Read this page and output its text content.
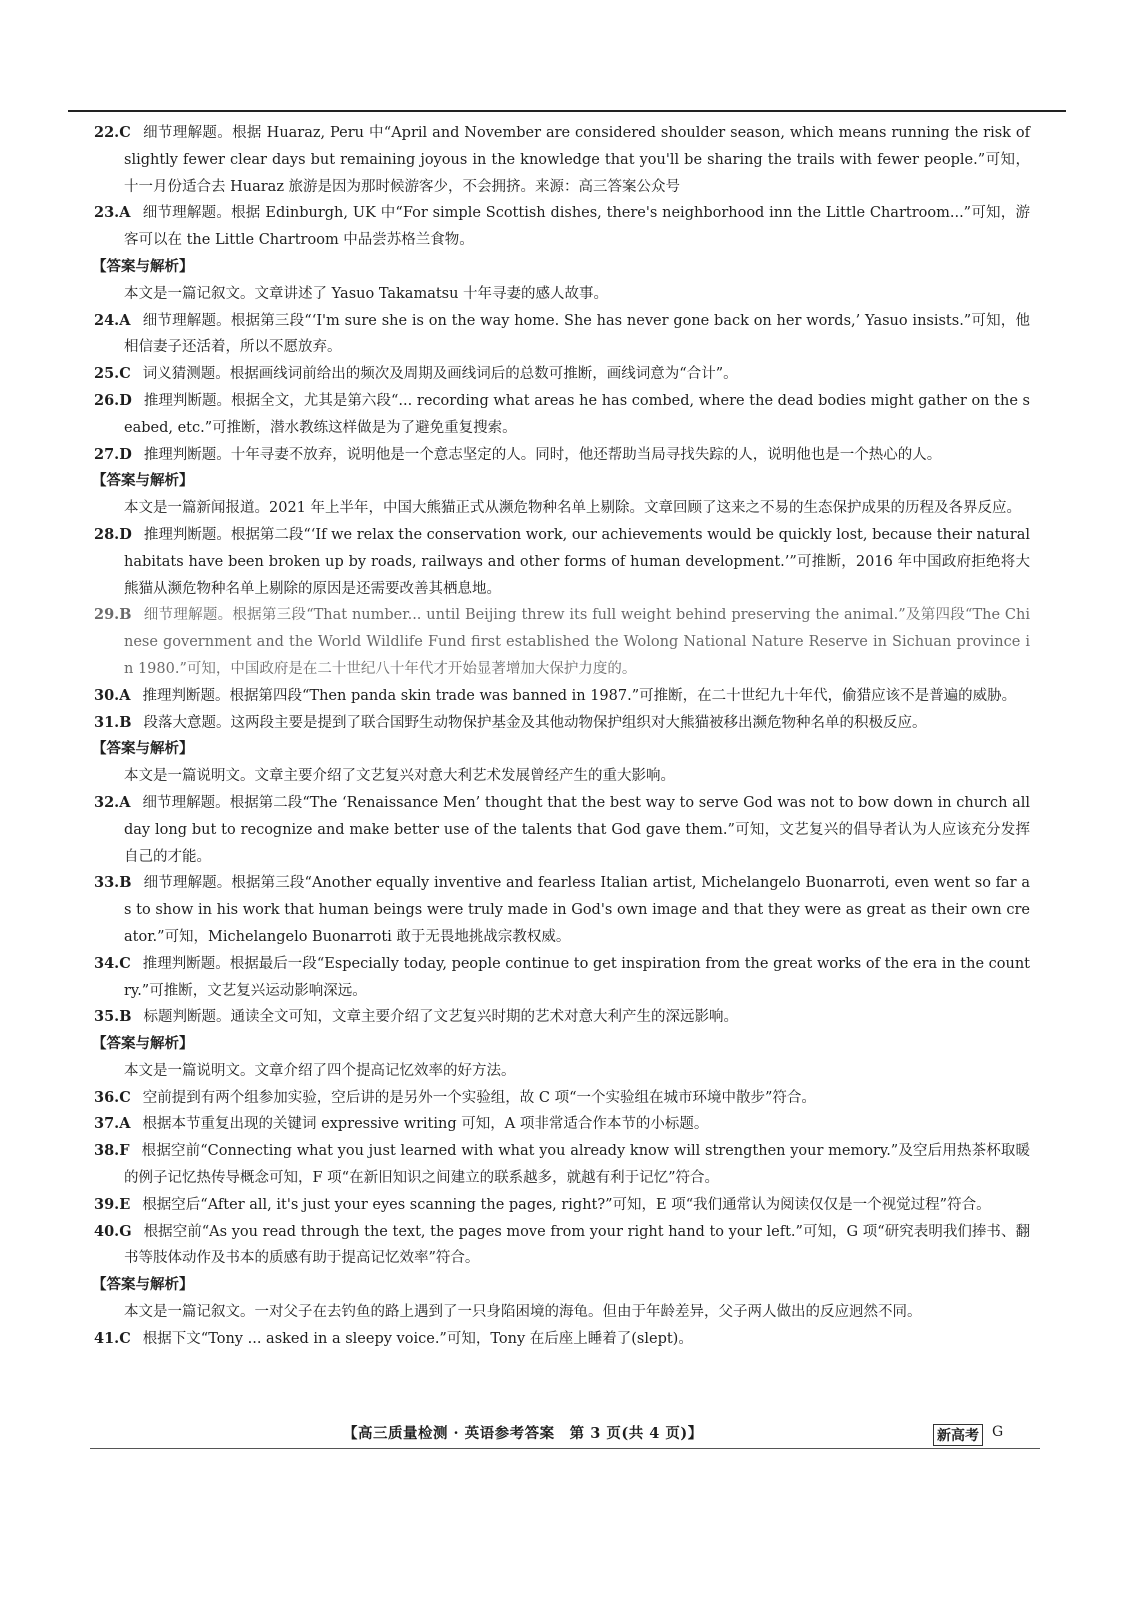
22.C 细节理解题。根据 Huaraz, Peru 中“April and November are considered shoulder season, which means running the risk of slightly fewer clear days but remaining joyous in the knowledge that you'll be sharing the trails with fewer people.”可知，十一月份适合去 Huaraz 旅游是因为那时候游客少，不会拥挤。来源：高三答案公众号

23.A 细节理解题。根据 Edinburgh, UK 中“For simple Scottish dishes, there's neighborhood inn the Little Chartroom...”可知，游客可以在 the Little Chartroom 中品尝苏格兰食物。

【答案与解析】

本文是一篇记叙文。文章讲述了 Yasuo Takamatsu 十年寻妻的感人故事。

24.A 细节理解题。根据第三段“‘I'm sure she is on the way home. She has never gone back on her words,’ Yasuo insists.”可知，他相信妻子还活着，所以不愿放弃。

25.C 词义猜测题。根据画线词前给出的频次及周期及画线词后的总数可推断，画线词意为“合计”。

26.D 推理判断题。根据全文，尤其是第六段“... recording what areas he has combed, where the dead bodies might gather on the seabed, etc.”可推断，潜水教练这样做是为了避免重复搜索。

27.D 推理判断题。十年寻妻不放弃，说明他是一个意志坚定的人。同时，他还帮助当局寻找失踪的人，说明他也是一个热心的人。

【答案与解析】

本文是一篇新闻报道。2021 年上半年，中国大熊猫正式从濒危物种名单上剔除。文章回顾了这来之不易的生态保护成果的历程及各界反应。

28.D 推理判断题。根据第二段“‘If we relax the conservation work, our achievements would be quickly lost, because their natural habitats have been broken up by roads, railways and other forms of human development.’”可推断，2016 年中国政府拒绝将大熊猫从濒危物种名单上剔除的原因是还需要改善其栖息地。

29.B 细节理解题。根据第三段“That number... until Beijing threw its full weight behind preserving the animal.”及第四段“The Chinese government and the World Wildlife Fund first established the Wolong National Nature Reserve in Sichuan province in 1980.”可知，中国政府是在二十世纪八十年代才开始显著增加大保护力度的。

30.A 推理判断题。根据第四段“Then panda skin trade was banned in 1987.”可推断，在二十世纪九十年代，偷猎应该不是普遍的威胁。

31.B 段落大意题。这两段主要是提到了联合国野生动物保护基金及其他动物保护组织对大熊猫被移出濒危物种名单的积极反应。

【答案与解析】

本文是一篇说明文。文章主要介绍了文艺复兴对意大利艺术发展曾经产生的重大影响。

32.A 细节理解题。根据第二段“The ‘Renaissance Men’ thought that the best way to serve God was not to bow down in church all day long but to recognize and make better use of the talents that God gave them.”可知，文艺复兴的倡导者认为人应该充分发挥自己的才能。

33.B 细节理解题。根据第三段“Another equally inventive and fearless Italian artist, Michelangelo Buonarroti, even went so far as to show in his work that human beings were truly made in God's own image and that they were as great as their own creator.”可知，Michelangelo Buonarroti 敢于无畏地挑战宗教权威。

34.C 推理判断题。根据最后一段“Especially today, people continue to get inspiration from the great works of the era in the country.”可推断，文艺复兴运动影响深远。

35.B 标题判断题。通读全文可知，文章主要介绍了文艺复兴时期的艺术对意大利产生的深远影响。

【答案与解析】

本文是一篇说明文。文章介绍了四个提高记忆效率的好方法。

36.C 空前提到有两个组参加实验，空后讲的是另外一个实验组，故 C 项“一个实验组在城市环境中散步”符合。

37.A 根据本节重复出现的关键词 expressive writing 可知，A 项非常适合作本节的小标题。

38.F 根据空前“Connecting what you just learned with what you already know will strengthen your memory.”及空后用热茶杯取暖的例子记忆热传导概念可知，F 项“在新旧知识之间建立的联系越多，就越有利于记忆”符合。

39.E 根据空后“After all, it's just your eyes scanning the pages, right?”可知，E 项“我们通常认为阅读仅仅是一个视觉过程”符合。

40.G 根据空前“As you read through the text, the pages move from your right hand to your left.”可知，G 项“研究表明我们捧书、翻书等肢体动作及书本的质感有助于提高记忆效率”符合。

【答案与解析】

本文是一篇记叙文。一对父子在去钓鱼的路上遇到了一只身陷困境的海龟。但由于年龄差异，父子两人做出的反应迥然不同。

41.C 根据下文“Tony ... asked in a sleepy voice.”可知，Tony 在后座上睡着了(slept)。

【高三质量检测 · 英语参考答案　第 3 页(共 4 页)】	新高考 G
